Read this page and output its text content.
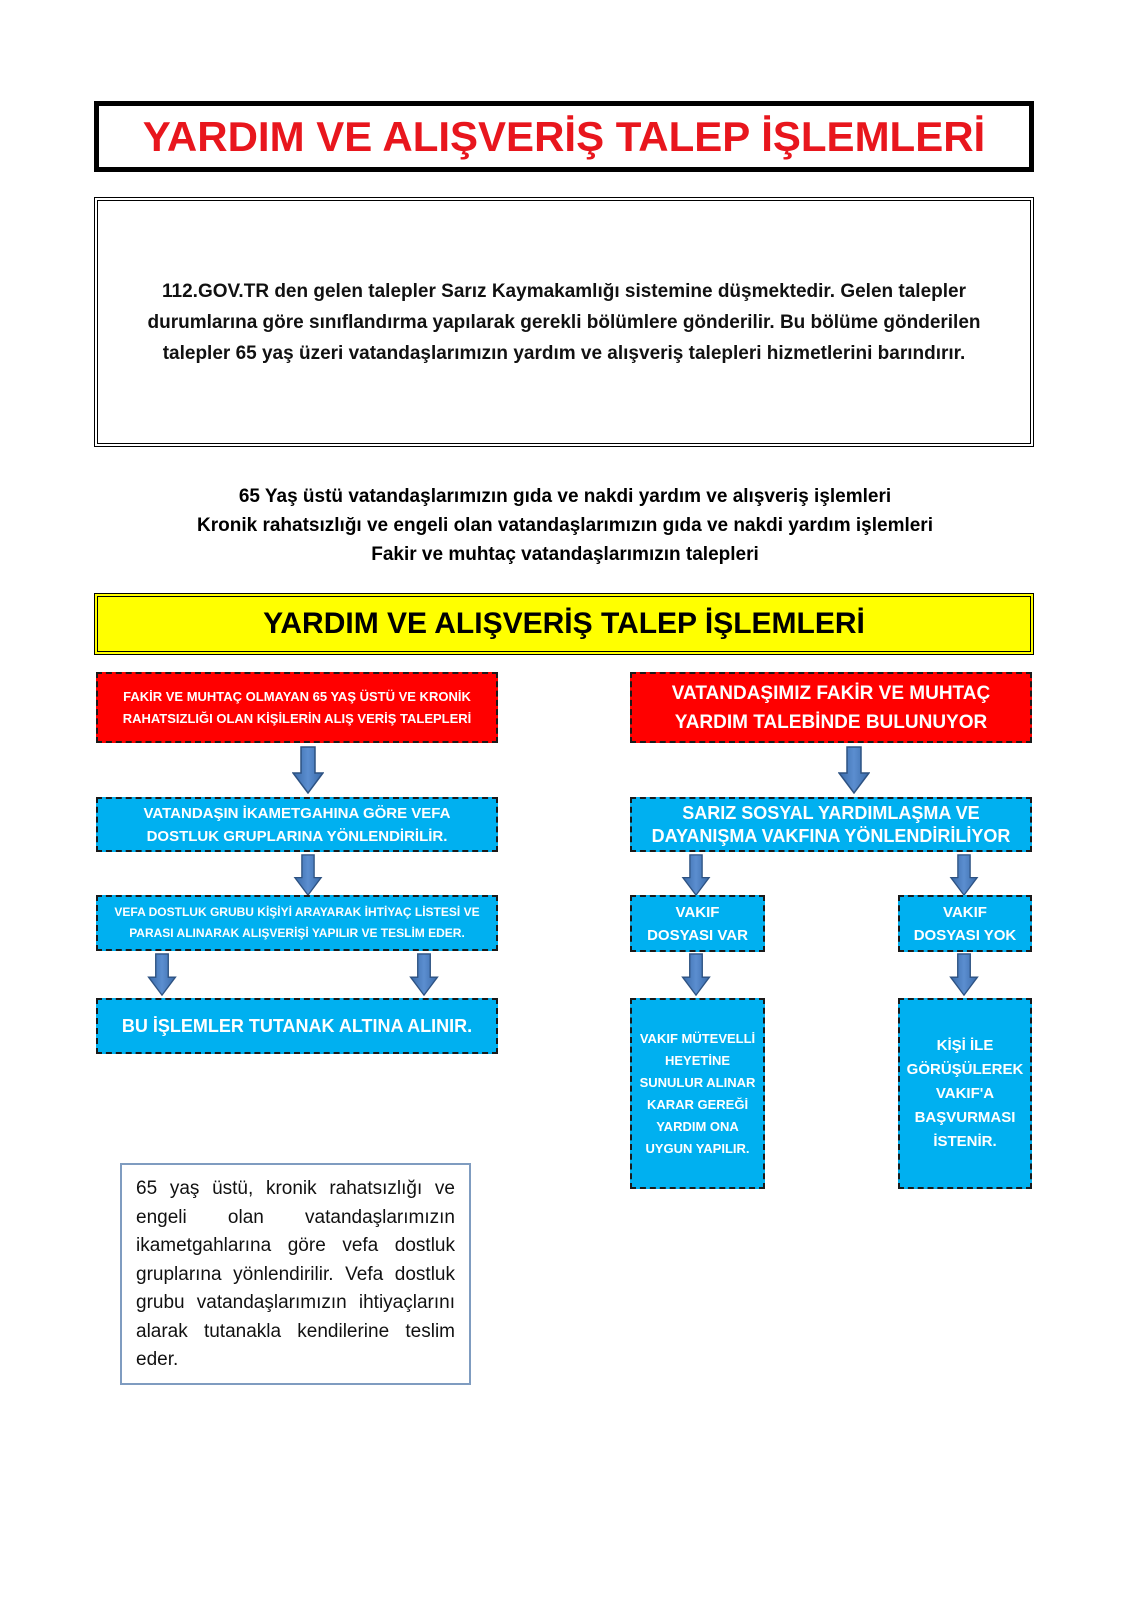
YARDIM VE ALIŞVERİŞ TALEP İŞLEMLERİ
112.GOV.TR den gelen talepler Sarız Kaymakamlığı sistemine düşmektedir. Gelen talepler
durumlarına göre sınıflandırma yapılarak gerekli bölümlere gönderilir. Bu bölüme gönderilen
talepler 65 yaş üzeri vatandaşlarımızın yardım ve alışveriş talepleri hizmetlerini barındırır.
65 Yaş üstü vatandaşlarımızın gıda ve nakdi yardım ve alışveriş işlemleri
Kronik rahatsızlığı ve engeli olan vatandaşlarımızın gıda ve nakdi yardım işlemleri
Fakir ve muhtaç vatandaşlarımızın talepleri
YARDIM VE ALIŞVERİŞ TALEP İŞLEMLERİ
FAKİR VE MUHTAÇ OLMAYAN 65 YAŞ ÜSTÜ VE KRONİK RAHATSIZLIĞI OLAN KİŞİLERİN ALIŞ VERİŞ TALEPLERİ
VATANDAŞIN İKAMETGAHINA GÖRE VEFA DOSTLUK GRUPLARINA YÖNLENDİRİLİR.
VEFA DOSTLUK GRUBU KİŞİYİ ARAYARAK İHTİYAÇ LİSTESİ VE PARASI ALINARAK ALIŞVERİŞİ YAPILIR VE TESLİM EDER.
BU İŞLEMLER TUTANAK ALTINA ALINIR.
65 yaş üstü, kronik rahatsızlığı ve engeli olan vatandaşlarımızın ikametgahlarına göre vefa dostluk gruplarına yönlendirilir. Vefa dostluk grubu vatandaşlarımızın ihtiyaçlarını alarak tutanakla kendilerine teslim eder.
VATANDAŞIMIZ FAKİR VE MUHTAÇ YARDIM TALEBİNDE BULUNUYOR
SARIZ SOSYAL YARDIMLAŞMA VE DAYANIŞMA VAKFINA YÖNLENDİRİLİYOR
VAKIF DOSYASI VAR
VAKIF DOSYASI YOK
VAKIF MÜTEVELLİ HEYETİNE SUNULUR ALINAR KARAR GEREĞİ YARDIM ONA UYGUN YAPILIR.
KİŞİ İLE GÖRÜŞÜLEREK VAKIF'A BAŞVURMASI İSTENİR.
